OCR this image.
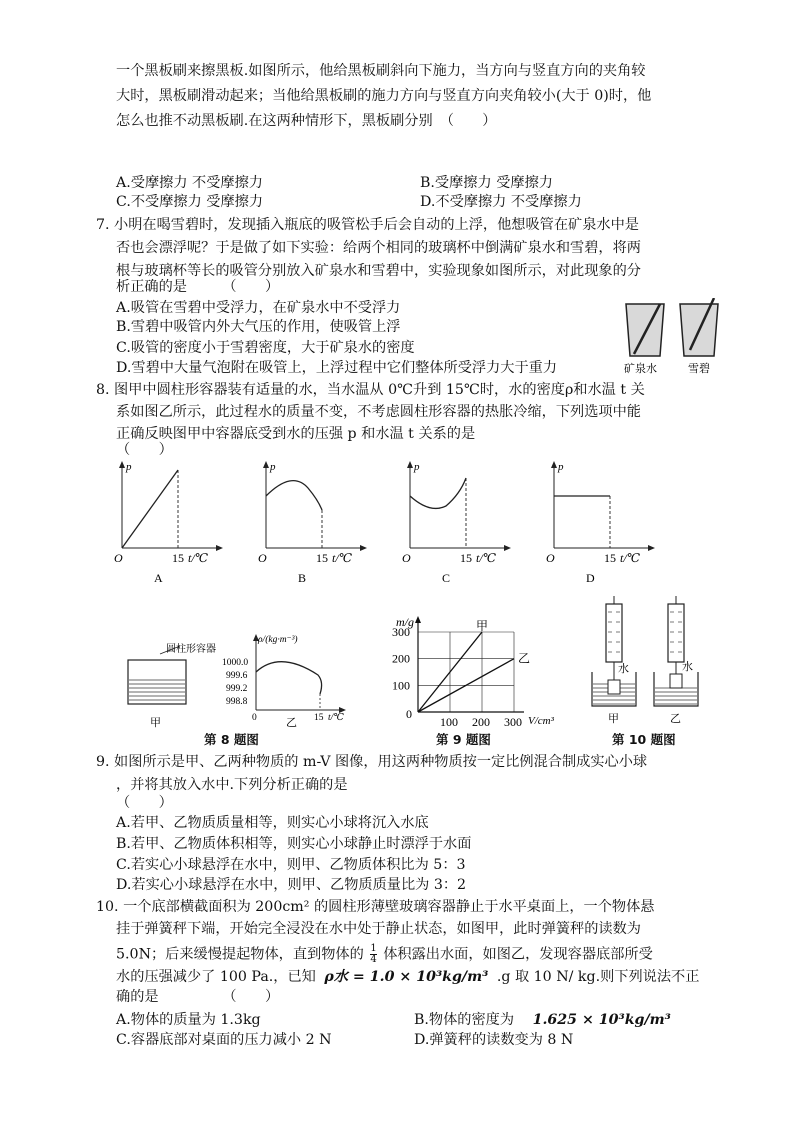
一个黑板刷来擦黑板.如图所示，他给黑板刷斜向下施力，当方向与竖直方向的夹角较
大时，黑板刷滑动起来；当他给黑板刷的施力方向与竖直方向夹角较小(大于 0)时，他
怎么也推不动黑板刷.在这两种情形下，黑板刷分别　（　　）
A.受摩擦力 不受摩擦力	B.受摩擦力 受摩擦力
C.不受摩擦力 受摩擦力	D.不受摩擦力 不受摩擦力
7. 小明在喝雪碧时，发现插入瓶底的吸管松手后会自动的上浮，他想吸管在矿泉水中是
否也会漂浮呢？于是做了如下实验：给两个相同的玻璃杯中倒满矿泉水和雪碧，将两
根与玻璃杯等长的吸管分别放入矿泉水和雪碧中，实验现象如图所示，对此现象的分
析正确的是　　　（　　）
A.吸管在雪碧中受浮力，在矿泉水中不受浮力
B.雪碧中吸管内外大气压的作用，使吸管上浮
C.吸管的密度小于雪碧密度，大于矿泉水的密度
D.雪碧中大量气泡附在吸管上，上浮过程中它们整体所受浮力大于重力	矿泉水	雪碧
8. 图甲中圆柱形容器装有适量的水，当水温从 0℃升到 15℃时，水的密度ρ和水温 t 关
系如图乙所示，此过程水的质量不变，不考虑圆柱形容器的热胀冷缩，下列选项中能
正确反映图甲中容器底受到水的压强 p 和水温 t 关系的是
（　　）
p
O	15 t/℃
A
p
O	15 t/℃
B
p
O	15 t/℃
C
p
O	15 t/℃
D
圆柱形容器
甲
ρ/(kg·m⁻³)
1000.0
999.6
999.2
998.8
0	15 t/℃
乙
第 8 题图
甲
乙
100
200
300
100 200 300
0
m/g
V/cm³
第 9 题图
水	水
甲	乙
第 10 题图
9. 如图所示是甲、乙两种物质的 m-V 图像，用这两种物质按一定比例混合制成实心小球
，并将其放入水中.下列分析正确的是
（　　）
A.若甲、乙物质质量相等，则实心小球将沉入水底
B.若甲、乙物质体积相等，则实心小球静止时漂浮于水面
C.若实心小球悬浮在水中，则甲、乙物质体积比为 5：3
D.若实心小球悬浮在水中，则甲、乙物质质量比为 3：2
10. 一个底部横截面积为 200cm² 的圆柱形薄壁玻璃容器静止于水平桌面上，一个物体悬
挂于弹簧秤下端，开始完全浸没在水中处于静止状态，如图甲，此时弹簧秤的读数为
5.0N；后来缓慢提起物体，直到物体的 $\frac{1}{4}$ 体积露出水面，如图乙，发现容器底部所受
水的压强减少了 100 Pa.，已知 ρ水 = 1.0 × 10³kg/m³ .g 取 10 N/ kg.则下列说法不正
确的是　　　　　（　　）
A.物体的质量为 1.3kg	B.物体的密度为 1.625 × 10³kg/m³
C.容器底部对桌面的压力减小 2 N	D.弹簧秤的读数变为 8 N
